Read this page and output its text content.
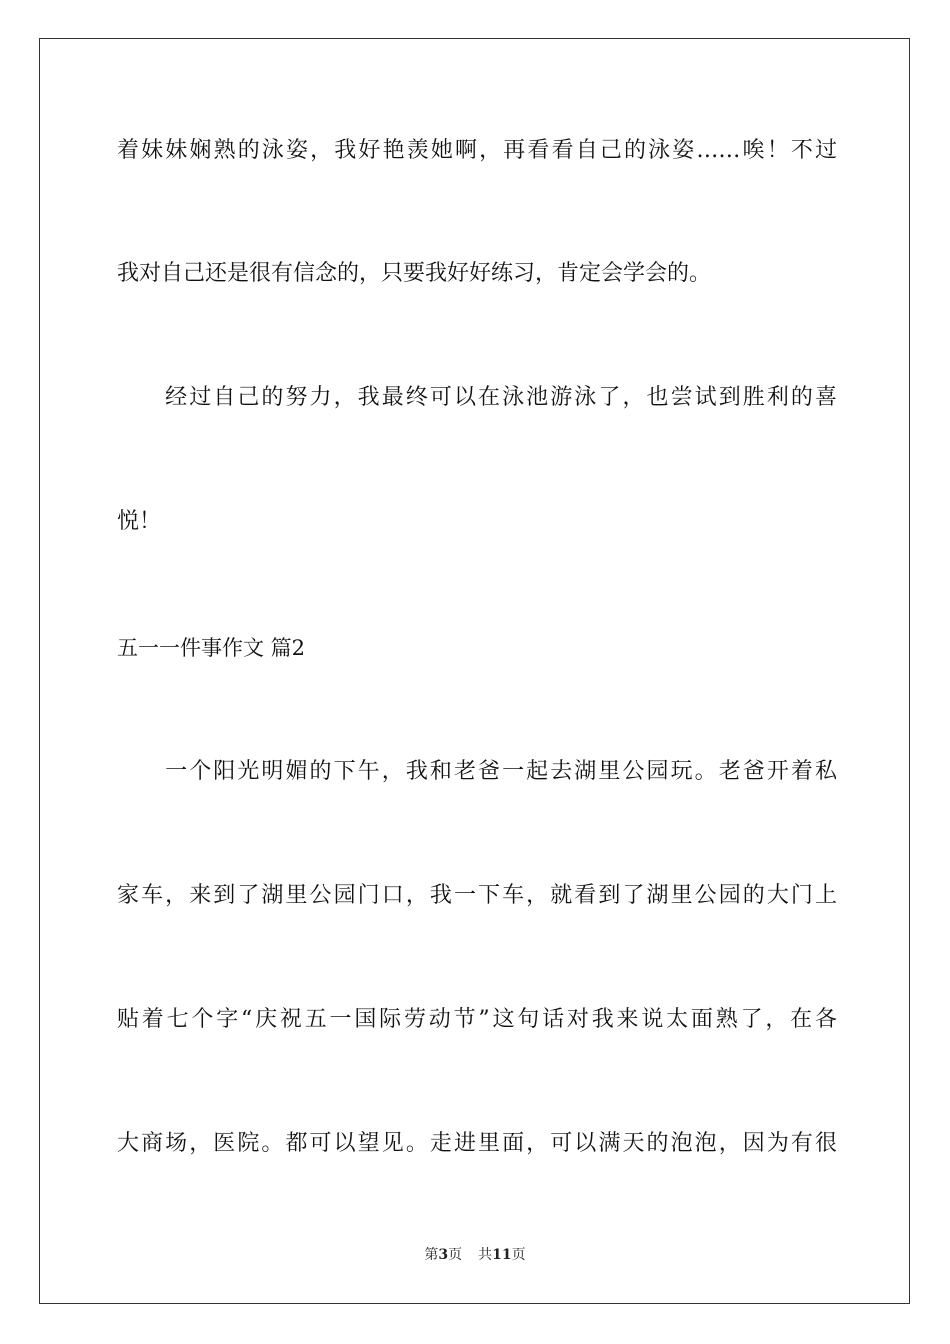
着妹妹娴熟的泳姿，我好艳羡她啊，再看看自己的泳姿……唉！不过
我对自己还是很有信念的，只要我好好练习，肯定会学会的。
　　经过自己的努力，我最终可以在泳池游泳了，也尝试到胜利的喜
悦！
五一一件事作文 篇2
　　一个阳光明媚的下午，我和老爸一起去湖里公园玩。老爸开着私
家车，来到了湖里公园门口，我一下车，就看到了湖里公园的大门上
贴着七个字“庆祝五一国际劳动节”这句话对我来说太面熟了，在各
大商场，医院。都可以望见。走进里面，可以满天的泡泡，因为有很
第3页 共11页
